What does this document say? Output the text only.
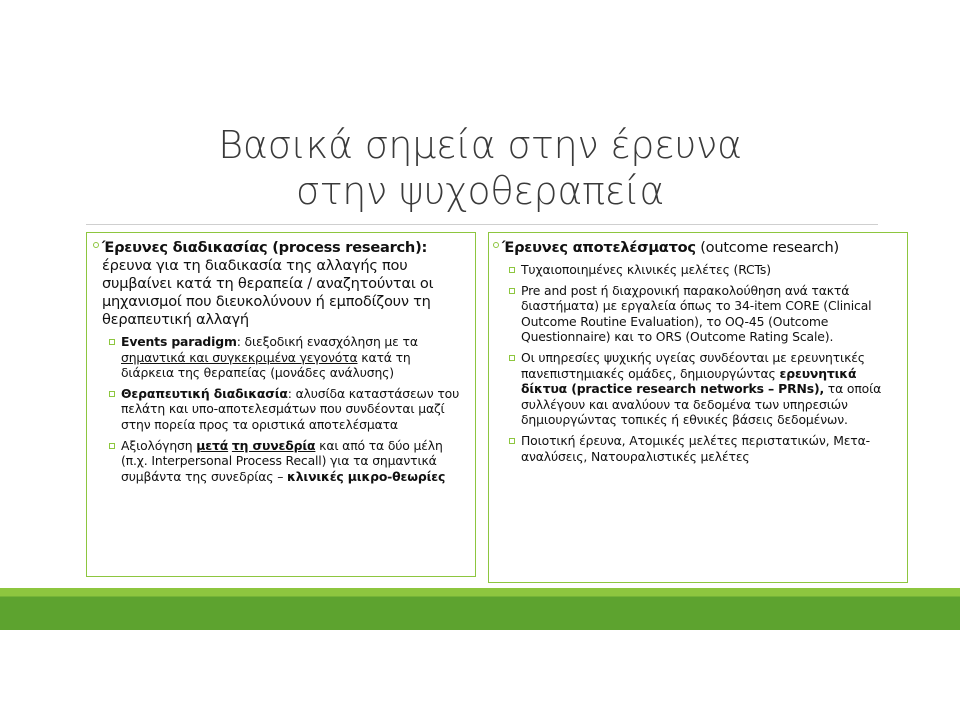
Βασικά σημεία στην έρευνα
στην ψυχοθεραπεία
Έρευνες διαδικασίας (process research): έρευνα για τη διαδικασία της αλλαγής που συμβαίνει κατά τη θεραπεία / αναζητούνται οι μηχανισμοί που διευκολύνουν ή εμποδίζουν τη θεραπευτική αλλαγή
Events paradigm: διεξοδική ενασχόληση με τα σημαντικά και συγκεκριμένα γεγονότα κατά τη διάρκεια της θεραπείας (μονάδες ανάλυσης)
Θεραπευτική διαδικασία: αλυσίδα καταστάσεων του πελάτη και υπο-αποτελεσμάτων που συνδέονται μαζί στην πορεία προς τα οριστικά αποτελέσματα
Αξιολόγηση μετά τη συνεδρία και από τα δύο μέλη (π.χ. Interpersonal Process Recall) για τα σημαντικά συμβάντα της συνεδρίας – κλινικές μικρο-θεωρίες
Έρευνες αποτελέσματος (outcome research)
Τυχαιοποιημένες κλινικές μελέτες (RCTs)
Pre and post ή διαχρονική παρακολούθηση ανά τακτά διαστήματα) με εργαλεία όπως το 34-item CORE (Clinical Outcome Routine Evaluation), το OQ-45 (Outcome Questionnaire) και το ORS (Outcome Rating Scale).
Οι υπηρεσίες ψυχικής υγείας συνδέονται με ερευνητικές πανεπιστημιακές ομάδες, δημιουργώντας ερευνητικά δίκτυα (practice research networks – PRNs), τα οποία συλλέγουν και αναλύουν τα δεδομένα των υπηρεσιών δημιουργώντας τοπικές ή εθνικές βάσεις δεδομένων.
Ποιοτική έρευνα, Ατομικές μελέτες περιστατικών, Μετα-αναλύσεις, Νατουραλιστικές μελέτες
